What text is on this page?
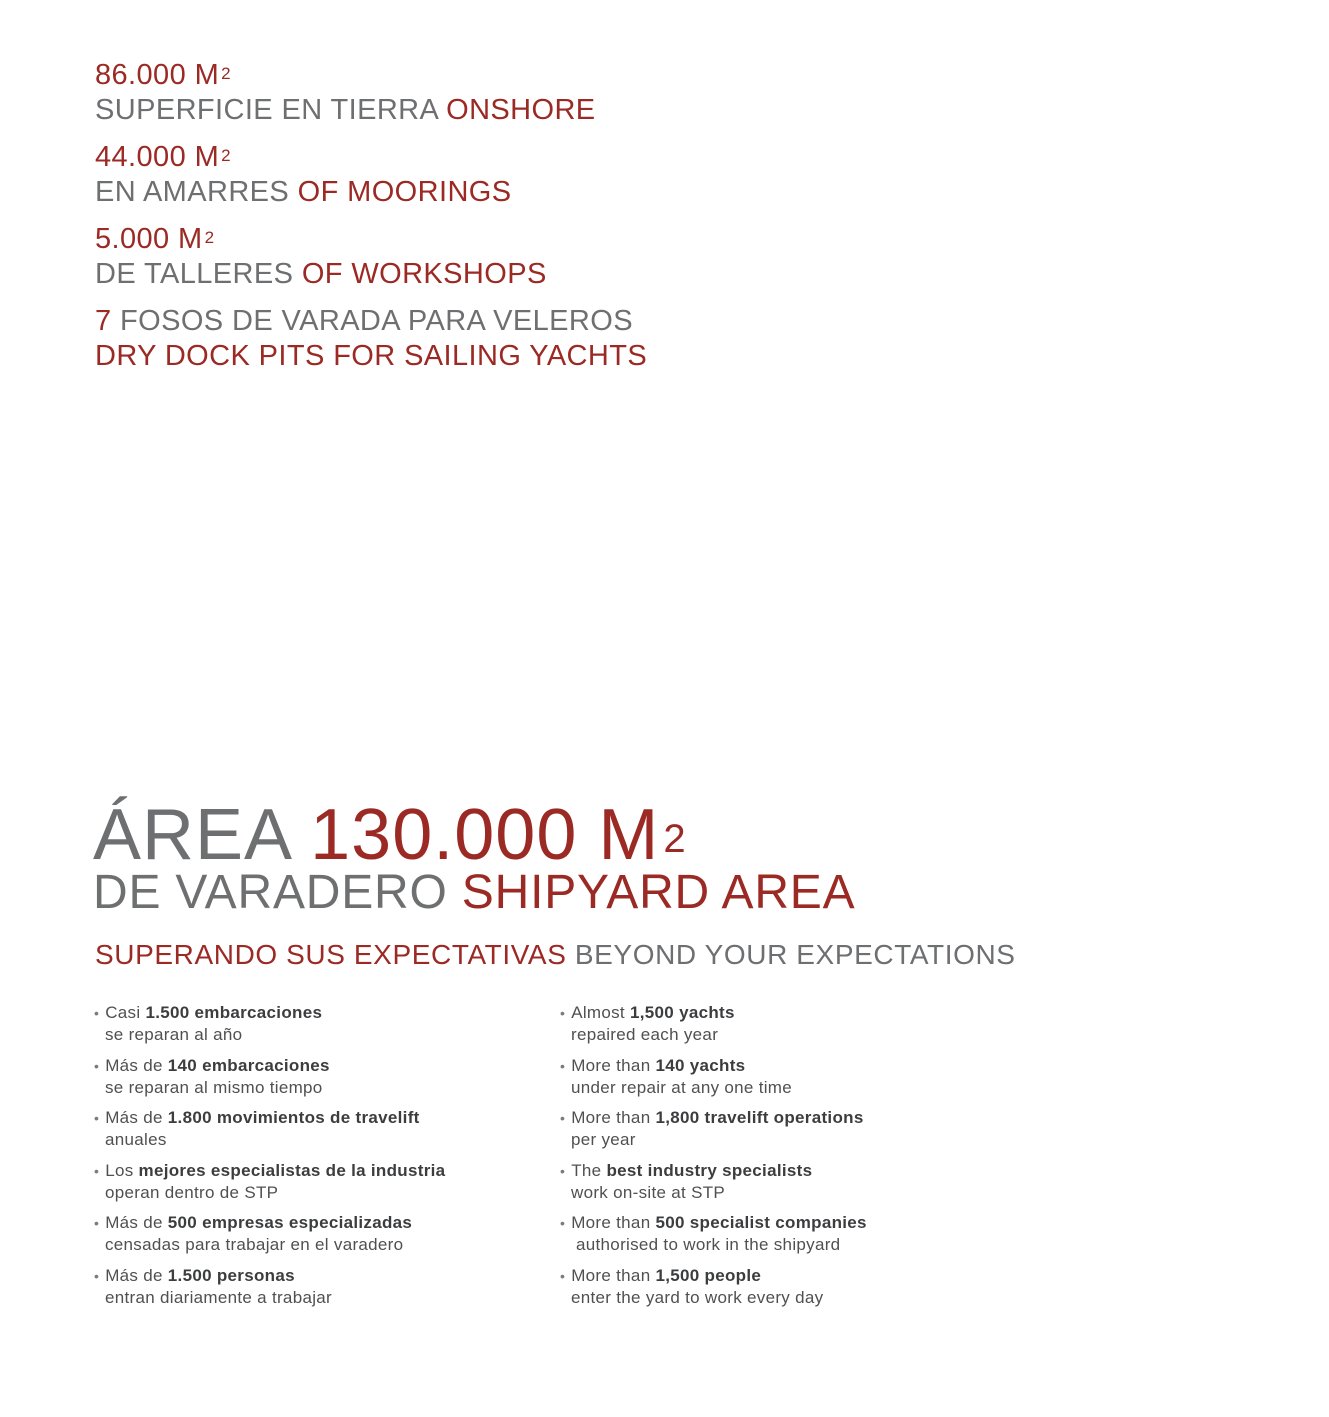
86.000 M $^2$
SUPERFICIE EN TIERRA ONSHORE
44.000 M $^2$
EN AMARRES OF MOORINGS
5.000 M $^2$
DE TALLERES OF WORKSHOPS
7 FOSOS DE VARADA PARA VELEROS
DRY DOCK PITS FOR SAILING YACHTS
ÁREA 130.000 M $^2$
DE VARADERO SHIPYARD AREA
SUPERANDO SUS EXPECTATIVAS BEYOND YOUR EXPECTATIONS
• Casi 1.500 embarcaciones
se reparan al año
• Más de 140 embarcaciones
se reparan al mismo tiempo
• Más de 1.800 movimientos de travelift
anuales
• Los mejores especialistas de la industria
operan dentro de STP
• Más de 500 empresas especializadas
censadas para trabajar en el varadero
• Más de 1.500 personas
entran diariamente a trabajar
• Almost 1,500 yachts
repaired each year
• More than 140 yachts
under repair at any one time
• More than 1,800 travelift operations
per year
• The best industry specialists
work on-site at STP
• More than 500 specialist companies
authorised to work in the shipyard
• More than 1,500 people
enter the yard to work every day
